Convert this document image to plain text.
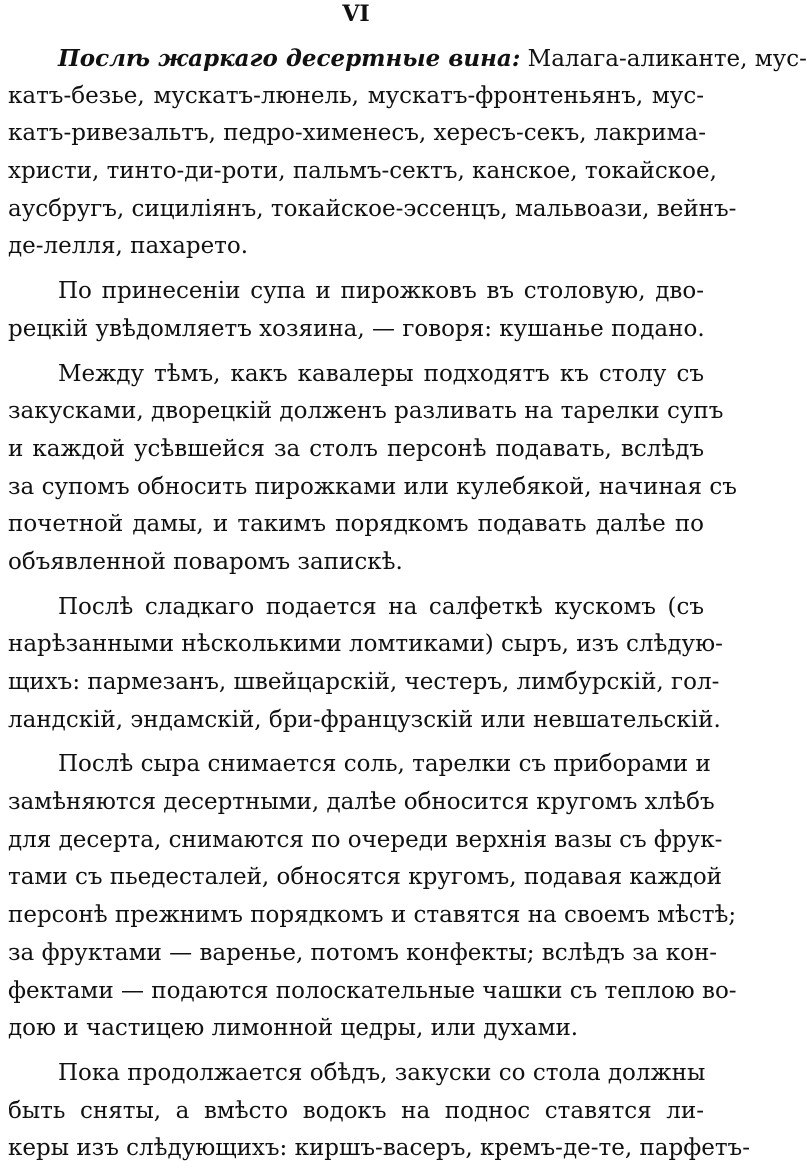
VI
Послѣ жаркаго десертные вина: Малага-аликанте, мус-
катъ-безье, мускатъ-люнель, мускатъ-фронтеньянъ, мус-
катъ-ривезальтъ, педро-хименесъ, хересъ-секъ, лакрима-
христи, тинто-ди-роти, пальмъ-сектъ, канское, токайское,
аусбругъ, сицилiянъ, токайское-эссенцъ, мальвоази, вейнъ-
де-лелля, пахарето.
По принесенiи супа и пирожковъ въ столовую, дво-
рецкiй увѣдомляетъ хозяина, — говоря: кушанье подано.
Между тѣмъ, какъ кавалеры подходятъ къ столу съ
закусками, дворецкiй долженъ разливать на тарелки супъ
и каждой усѣвшейся за столъ персонѣ подавать, вслѣдъ
за супомъ обносить пирожками или кулебякой, начиная съ
почетной дамы, и такимъ порядкомъ подавать далѣе по
объявленной поваромъ запискѣ.
Послѣ сладкаго подается на салфеткѣ кускомъ (съ
нарѣзанными нѣсколькими ломтиками) сыръ, изъ слѣдую-
щихъ: пармезанъ, швейцарскiй, честеръ, лимбурскiй, гол-
ландскiй, эндамскiй, бри-французскiй или невшательскiй.
Послѣ сыра снимается соль, тарелки съ приборами и
замѣняются десертными, далѣе обносится кругомъ хлѣбъ
для десерта, снимаются по очереди верхнiя вазы съ фрук-
тами съ пьедесталей, обносятся кругомъ, подавая каждой
персонѣ прежнимъ порядкомъ и ставятся на своемъ мѣстѣ;
за фруктами — варенье, потомъ конфекты; вслѣдъ за кон-
фектами — подаются полоскательные чашки съ теплою во-
дою и частицею лимонной цедры, или духами.
Пока продолжается обѣдъ, закуски со стола должны
быть сняты, а вмѣсто водокъ на поднос ставятся ли-
керы изъ слѣдующихъ: киршъ-васеръ, кремъ-де-те, парфетъ-
